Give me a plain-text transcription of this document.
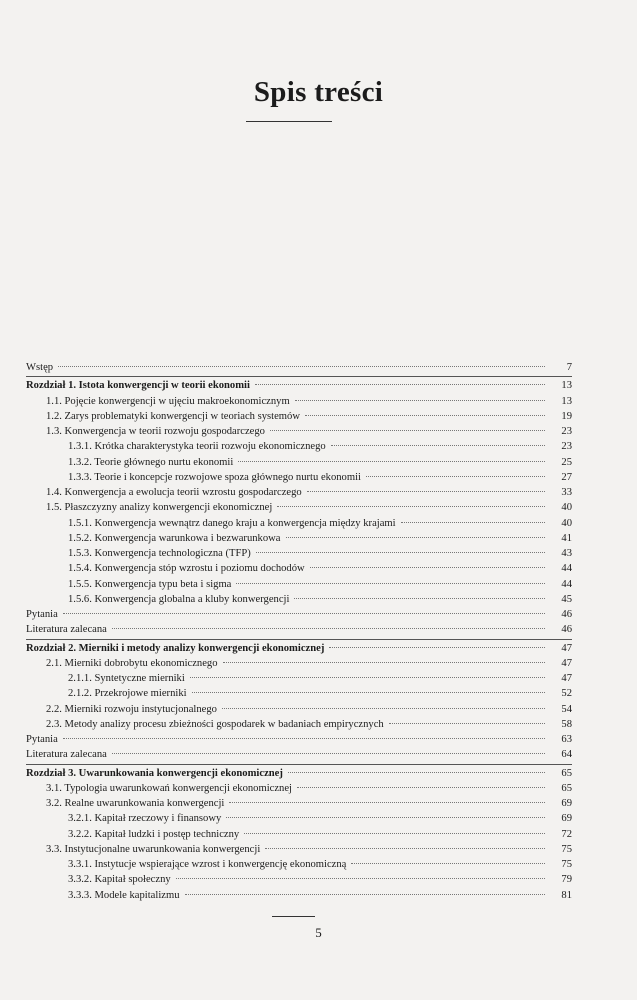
Spis treści
Wstęp	7
Rozdział 1. Istota konwergencji w teorii ekonomii	13
1.1. Pojęcie konwergencji w ujęciu makroekonomicznym	13
1.2. Zarys problematyki konwergencji w teoriach systemów	19
1.3. Konwergencja w teorii rozwoju gospodarczego	23
1.3.1. Krótka charakterystyka teorii rozwoju ekonomicznego	23
1.3.2. Teorie głównego nurtu ekonomii	25
1.3.3. Teorie i koncepcje rozwojowe spoza głównego nurtu ekonomii	27
1.4. Konwergencja a ewolucja teorii wzrostu gospodarczego	33
1.5. Płaszczyzny analizy konwergencji ekonomicznej	40
1.5.1. Konwergencja wewnątrz danego kraju a konwergencja między krajami	40
1.5.2. Konwergencja warunkowa i bezwarunkowa	41
1.5.3. Konwergencja technologiczna (TFP)	43
1.5.4. Konwergencja stóp wzrostu i poziomu dochodów	44
1.5.5. Konwergencja typu beta i sigma	44
1.5.6. Konwergencja globalna a kluby konwergencji	45
Pytania	46
Literatura zalecana	46
Rozdział 2. Mierniki i metody analizy konwergencji ekonomicznej	47
2.1. Mierniki dobrobytu ekonomicznego	47
2.1.1. Syntetyczne mierniki	47
2.1.2. Przekrojowe mierniki	52
2.2. Mierniki rozwoju instytucjonalnego	54
2.3. Metody analizy procesu zbieżności gospodarek w badaniach empirycznych	58
Pytania	63
Literatura zalecana	64
Rozdział 3. Uwarunkowania konwergencji ekonomicznej	65
3.1. Typologia uwarunkowań konwergencji ekonomicznej	65
3.2. Realne uwarunkowania konwergencji	69
3.2.1. Kapitał rzeczowy i finansowy	69
3.2.2. Kapitał ludzki i postęp techniczny	72
3.3. Instytucjonalne uwarunkowania konwergencji	75
3.3.1. Instytucje wspierające wzrost i konwergencję ekonomiczną	75
3.3.2. Kapitał społeczny	79
3.3.3. Modele kapitalizmu	81
5
